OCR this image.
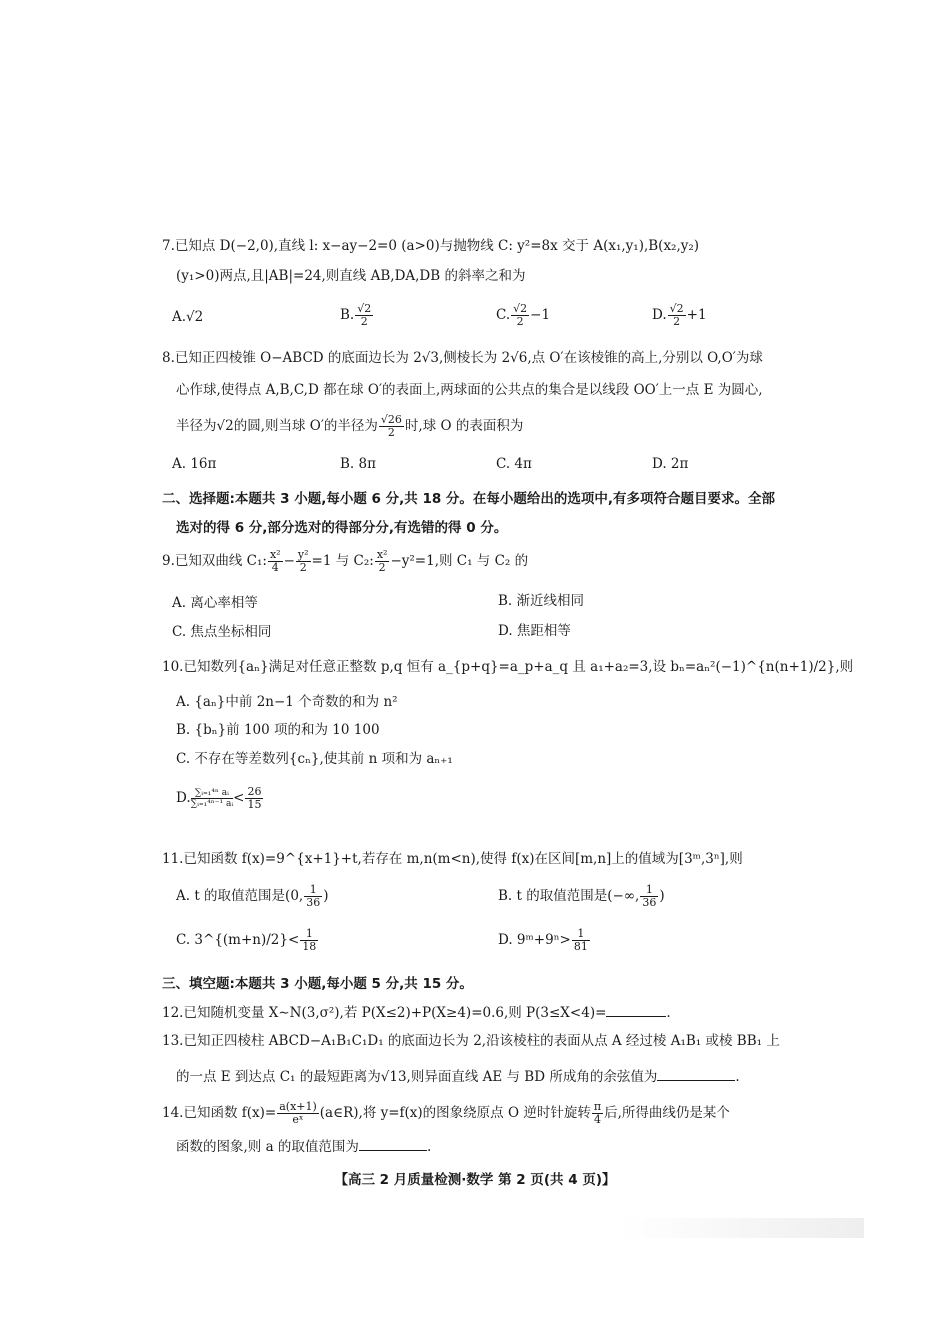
7.已知点 D(−2,0),直线 l: x−ay−2=0 (a>0)与抛物线 C: y²=8x 交于 A(x₁,y₁),B(x₂,y₂)
(y₁>0)两点,且|AB|=24,则直线 AB,DA,DB 的斜率之和为
A.√2	B. $\frac{√2}{2}$	C. $\frac{√2}{2} -1$	D. $\frac{√2}{2} +1$
8.已知正四棱锥 O−ABCD 的底面边长为 2√3,侧棱长为 2√6,点 O′在该棱锥的高上,分别以 O,O′为球
心作球,使得点 A,B,C,D 都在球 O′的表面上,两球面的公共点的集合是以线段 OO′上一点 E 为圆心,
半径为√2的圆,则当球 O′的半径为 $\frac{√26}{2}$ 时,球 O 的表面积为
A. 16π	B. 8π	C. 4π	D. 2π
二、选择题:本题共 3 小题,每小题 6 分,共 18 分。在每小题给出的选项中,有多项符合题目要求。全部
选对的得 6 分,部分选对的得部分分,有选错的得 0 分。
9.已知双曲线 C₁: $\frac{\text{x²}}{4} - \frac{\text{y²}}{2} =1$ 与 C₂: $\frac{\text{x²}}{2} -y^2=1$,则 C₁ 与 C₂ 的
A. 离心率相等	B. 渐近线相同
C. 焦点坐标相同	D. 焦距相等
10.已知数列{aₙ}满足对任意正整数 p,q 恒有 a_{p+q}=a_p+a_q 且 a₁+a₂=3,设 bₙ=aₙ²(−1)^{n(n+1)/2},则
A. {aₙ}中前 2n−1 个奇数的和为 n²
B. {bₙ}前 100 项的和为 10 100
C. 不存在等差数列{cₙ},使其前 n 项和为 aₙ₊₁
D. $\frac{\text{∑ᵢ₌₁⁴ⁿ aᵢ}}{\text{∑ᵢ₌₁⁴ⁿ⁻¹ aᵢ}} < \frac{26}{15}$
11.已知函数 f(x)=9^{x+1}+t,若存在 m,n(m<n),使得 f(x)在区间[m,n]上的值域为[3ᵐ,3ⁿ],则
A. t 的取值范围是(0, $\frac{1}{36}$ )	B. t 的取值范围是(−∞, $\frac{1}{36}$ )
C. 3^{(m+n)/2}< $\frac{1}{18}$	D. 9ᵐ+9ⁿ> $\frac{1}{81}$
三、填空题:本题共 3 小题,每小题 5 分,共 15 分。
12.已知随机变量 X∼N(3,σ²),若 P(X≤2)+P(X≥4)=0.6,则 P(3≤X<4)=	.
13.已知正四棱柱 ABCD−A₁B₁C₁D₁ 的底面边长为 2,沿该棱柱的表面从点 A 经过棱 A₁B₁ 或棱 BB₁ 上
的一点 E 到达点 C₁ 的最短距离为√13,则异面直线 AE 与 BD 所成角的余弦值为	.
14.已知函数 $f(x)= \frac{a(x+1)}{\text{eˣ}}$ (a∈R),将 y=f(x)的图象绕原点 O 逆时针旋转 $\frac{\pi}{4}$ 后,所得曲线仍是某个
函数的图象,则 a 的取值范围为	.
【高三 2 月质量检测·数学 第 2 页(共 4 页)】
